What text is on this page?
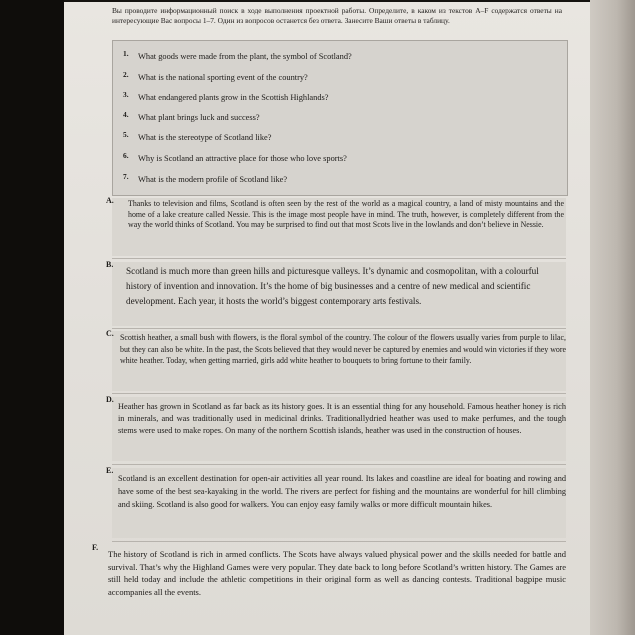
Вы проводите информационный поиск в ходе выполнения проектной работы. Определите, в каком из текстов A–F содержатся ответы на интересующие Вас вопросы 1–7. Один из вопросов останется без ответа. Занесите Ваши ответы в таблицу.
1. What goods were made from the plant, the symbol of Scotland?
2. What is the national sporting event of the country?
3. What endangered plants grow in the Scottish Highlands?
4. What plant brings luck and success?
5. What is the stereotype of Scotland like?
6. Why is Scotland an attractive place for those who love sports?
7. What is the modern profile of Scotland like?
A. Thanks to television and films, Scotland is often seen by the rest of the world as a magical country, a land of misty mountains and the home of a lake creature called Nessie. This is the image most people have in mind. The truth, however, is completely different from the way the world thinks of Scotland. You may be surprised to find out that most Scots live in the lowlands and don’t believe in Nessie.
B.
Scotland is much more than green hills and picturesque valleys. It’s dynamic and cosmopolitan, with a colourful history of invention and innovation. It’s the home of big businesses and a centre of new medical and scientific development. Each year, it hosts the world’s biggest contemporary arts festivals.
C. Scottish heather, a small bush with flowers, is the floral symbol of the country. The colour of the flowers usually varies from purple to lilac, but they can also be white. In the past, the Scots believed that they would never be captured by enemies and would win victories if they wore white heather. Today, when getting married, girls add white heather to bouquets to bring fortune to their family.
D.
Heather has grown in Scotland as far back as its history goes. It is an essential thing for any household. Famous heather honey is rich in minerals, and was traditionally used in medicinal drinks. Traditionallydried heather was used to make perfumes, and the tough stems were used to make ropes. On many of the northern Scottish islands, heather was used in the construction of houses.
E.
Scotland is an excellent destination for open-air activities all year round. Its lakes and coastline are ideal for boating and rowing and have some of the best sea-kayaking in the world. The rivers are perfect for fishing and the mountains are wonderful for hill climbing and skiing. Scotland is also good for walkers. You can enjoy easy family walks or more difficult mountain hikes.
F.
The history of Scotland is rich in armed conflicts. The Scots have always valued physical power and the skills needed for battle and survival. That’s why the Highland Games were very popular. They date back to long before Scotland’s written history. The Games are still held today and include the athletic competitions in their original form as well as dancing contests. Traditional bagpipe music accompanies all the events.
